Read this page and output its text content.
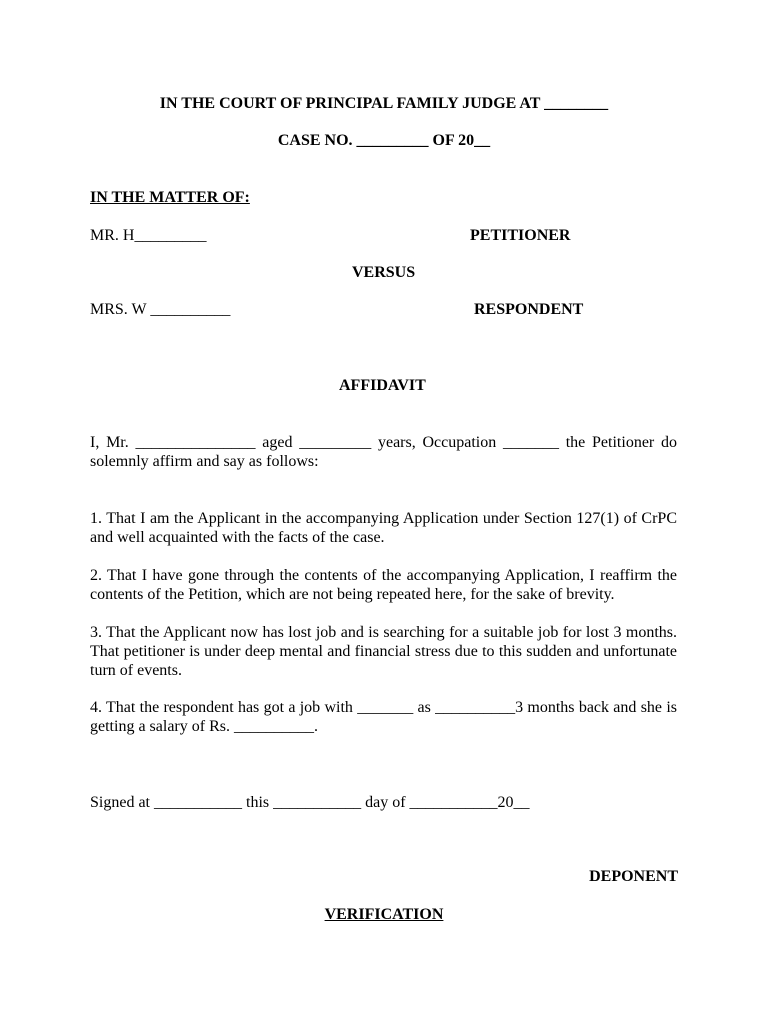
IN THE COURT OF PRINCIPAL FAMILY JUDGE AT ________
CASE NO. _________ OF 20__
IN THE MATTER OF:
MR. H_________	PETITIONER
VERSUS
MRS. W __________	RESPONDENT
AFFIDAVIT

I, Mr. _______________ aged _________ years, Occupation _______ the Petitioner do solemnly affirm and say as follows:

1. That I am the Applicant in the accompanying Application under Section 127(1) of CrPC and well acquainted with the facts of the case.

2. That I have gone through the contents of the accompanying Application, I reaffirm the contents of the Petition, which are not being repeated here, for the sake of brevity.

3. That the Applicant now has lost job and is searching for a suitable job for lost 3 months. That petitioner is under deep mental and financial stress due to this sudden and unfortunate turn of events.

4. That the respondent has got a job with _______ as __________3 months back and she is getting a salary of Rs. __________.

Signed at ___________ this ___________ day of ___________20__
DEPONENT
VERIFICATION
